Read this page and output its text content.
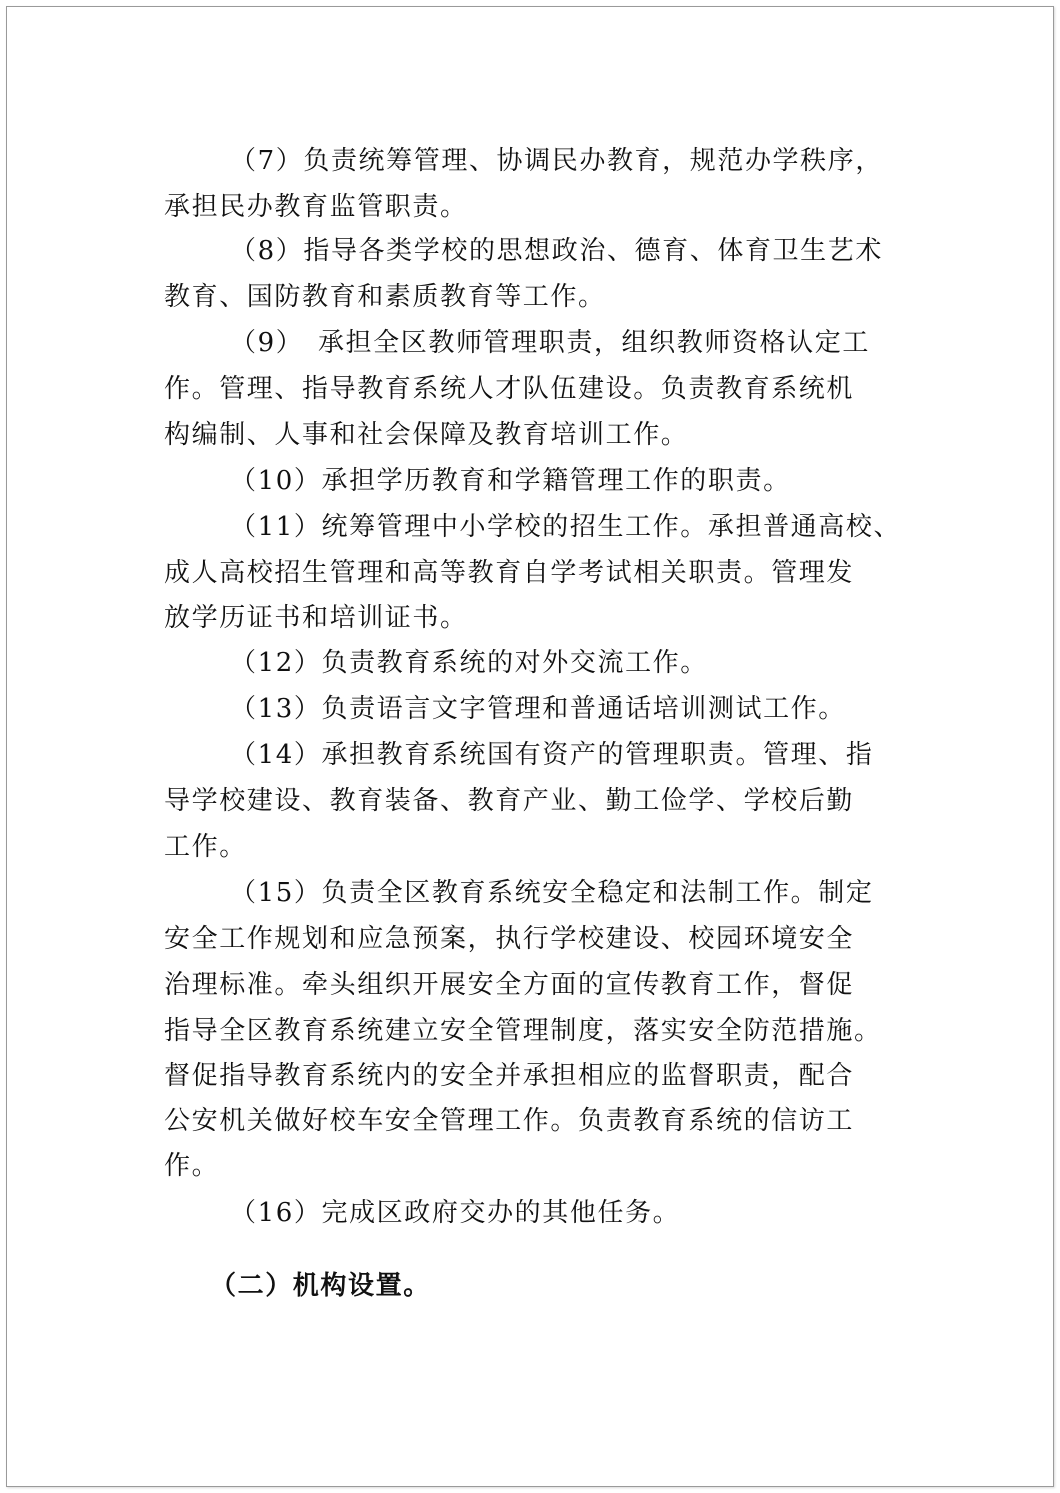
（7）负责统筹管理、协调民办教育，规范办学秩序，
承担民办教育监管职责。
（8）指导各类学校的思想政治、德育、体育卫生艺术
教育、国防教育和素质教育等工作。
（9）　承担全区教师管理职责，组织教师资格认定工
作。管理、指导教育系统人才队伍建设。负责教育系统机
构编制、人事和社会保障及教育培训工作。
（10）承担学历教育和学籍管理工作的职责。
（11）统筹管理中小学校的招生工作。承担普通高校、
成人高校招生管理和高等教育自学考试相关职责。管理发
放学历证书和培训证书。
（12）负责教育系统的对外交流工作。
（13）负责语言文字管理和普通话培训测试工作。
（14）承担教育系统国有资产的管理职责。管理、指
导学校建设、教育装备、教育产业、勤工俭学、学校后勤
工作。
（15）负责全区教育系统安全稳定和法制工作。制定
安全工作规划和应急预案，执行学校建设、校园环境安全
治理标准。牵头组织开展安全方面的宣传教育工作，督促
指导全区教育系统建立安全管理制度，落实安全防范措施。
督促指导教育系统内的安全并承担相应的监督职责，配合
公安机关做好校车安全管理工作。负责教育系统的信访工
作。
（16）完成区政府交办的其他任务。
（二）机构设置。
